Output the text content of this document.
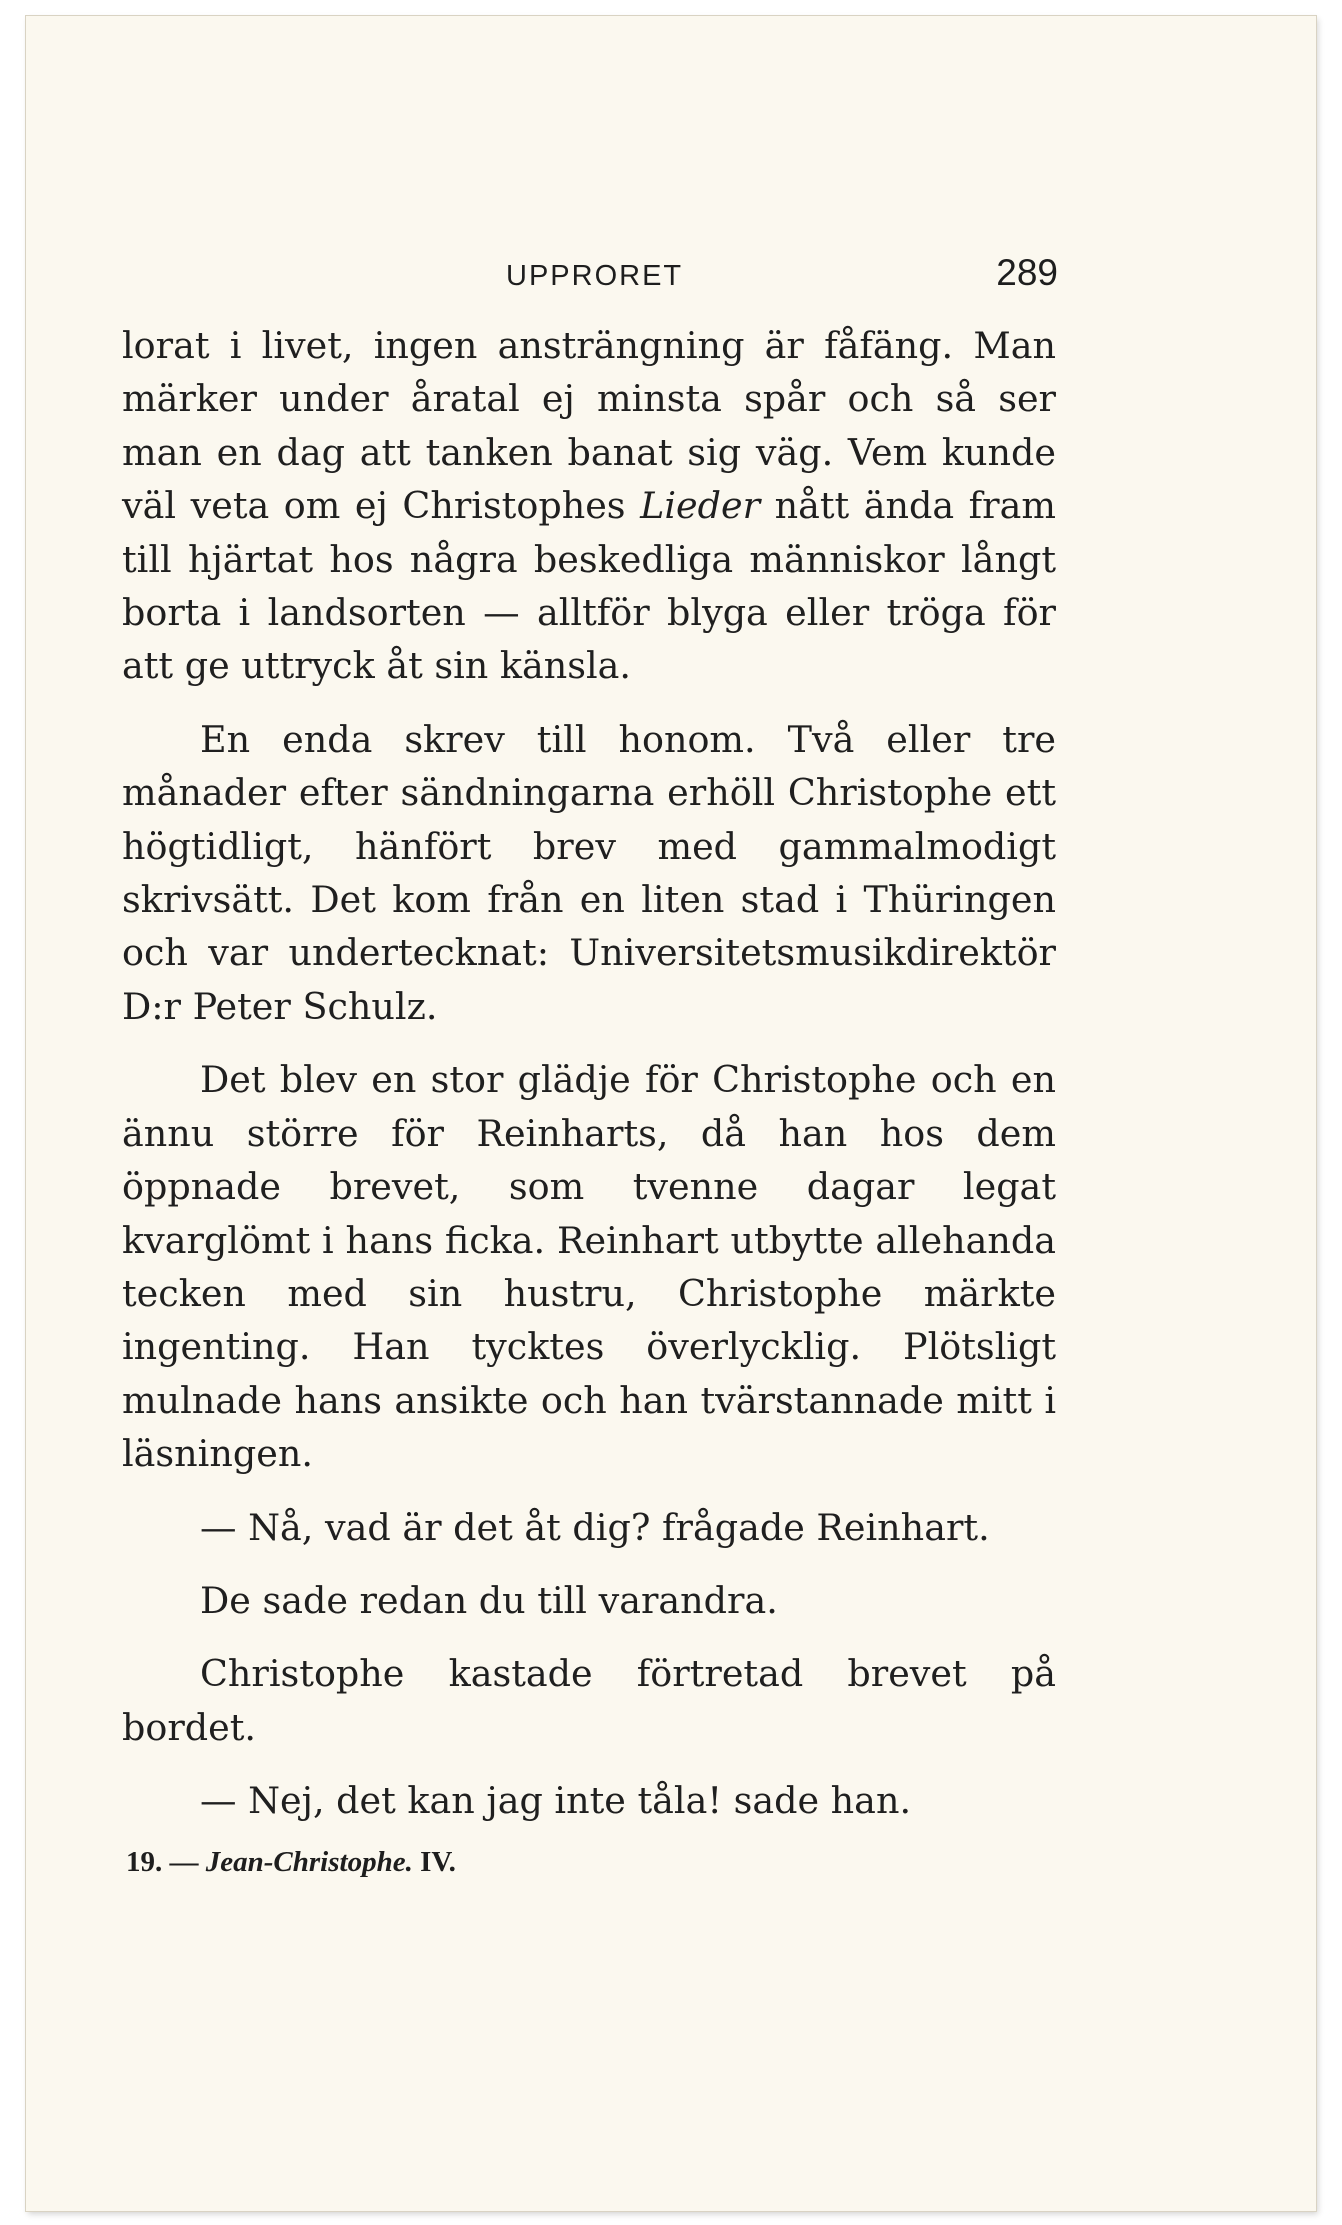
UPPRORET	289

lorat i livet, ingen ansträngning är fåfäng. Man märker under åratal ej minsta spår och så ser man en dag att tanken banat sig väg. Vem kunde väl veta om ej Christophes Lieder nått ända fram till hjärtat hos några beskedliga människor långt borta i landsorten — alltför blyga eller tröga för att ge uttryck åt sin känsla.

En enda skrev till honom. Två eller tre månader efter sändningarna erhöll Christophe ett högtidligt, hänfört brev med gammalmodigt skrivsätt. Det kom från en liten stad i Thüringen och var undertecknat: Universitetsmusikdirektör D:r Peter Schulz.

Det blev en stor glädje för Christophe och en ännu större för Reinharts, då han hos dem öppnade brevet, som tvenne dagar legat kvarglömt i hans ficka. Reinhart utbytte allehanda tecken med sin hustru, Christophe märkte ingenting. Han tycktes överlycklig. Plötsligt mulnade hans ansikte och han tvärstannade mitt i läsningen.

— Nå, vad är det åt dig? frågade Reinhart.

De sade redan du till varandra.

Christophe kastade förtretad brevet på bordet.

— Nej, det kan jag inte tåla! sade han.

19. — Jean-Christophe. IV.
